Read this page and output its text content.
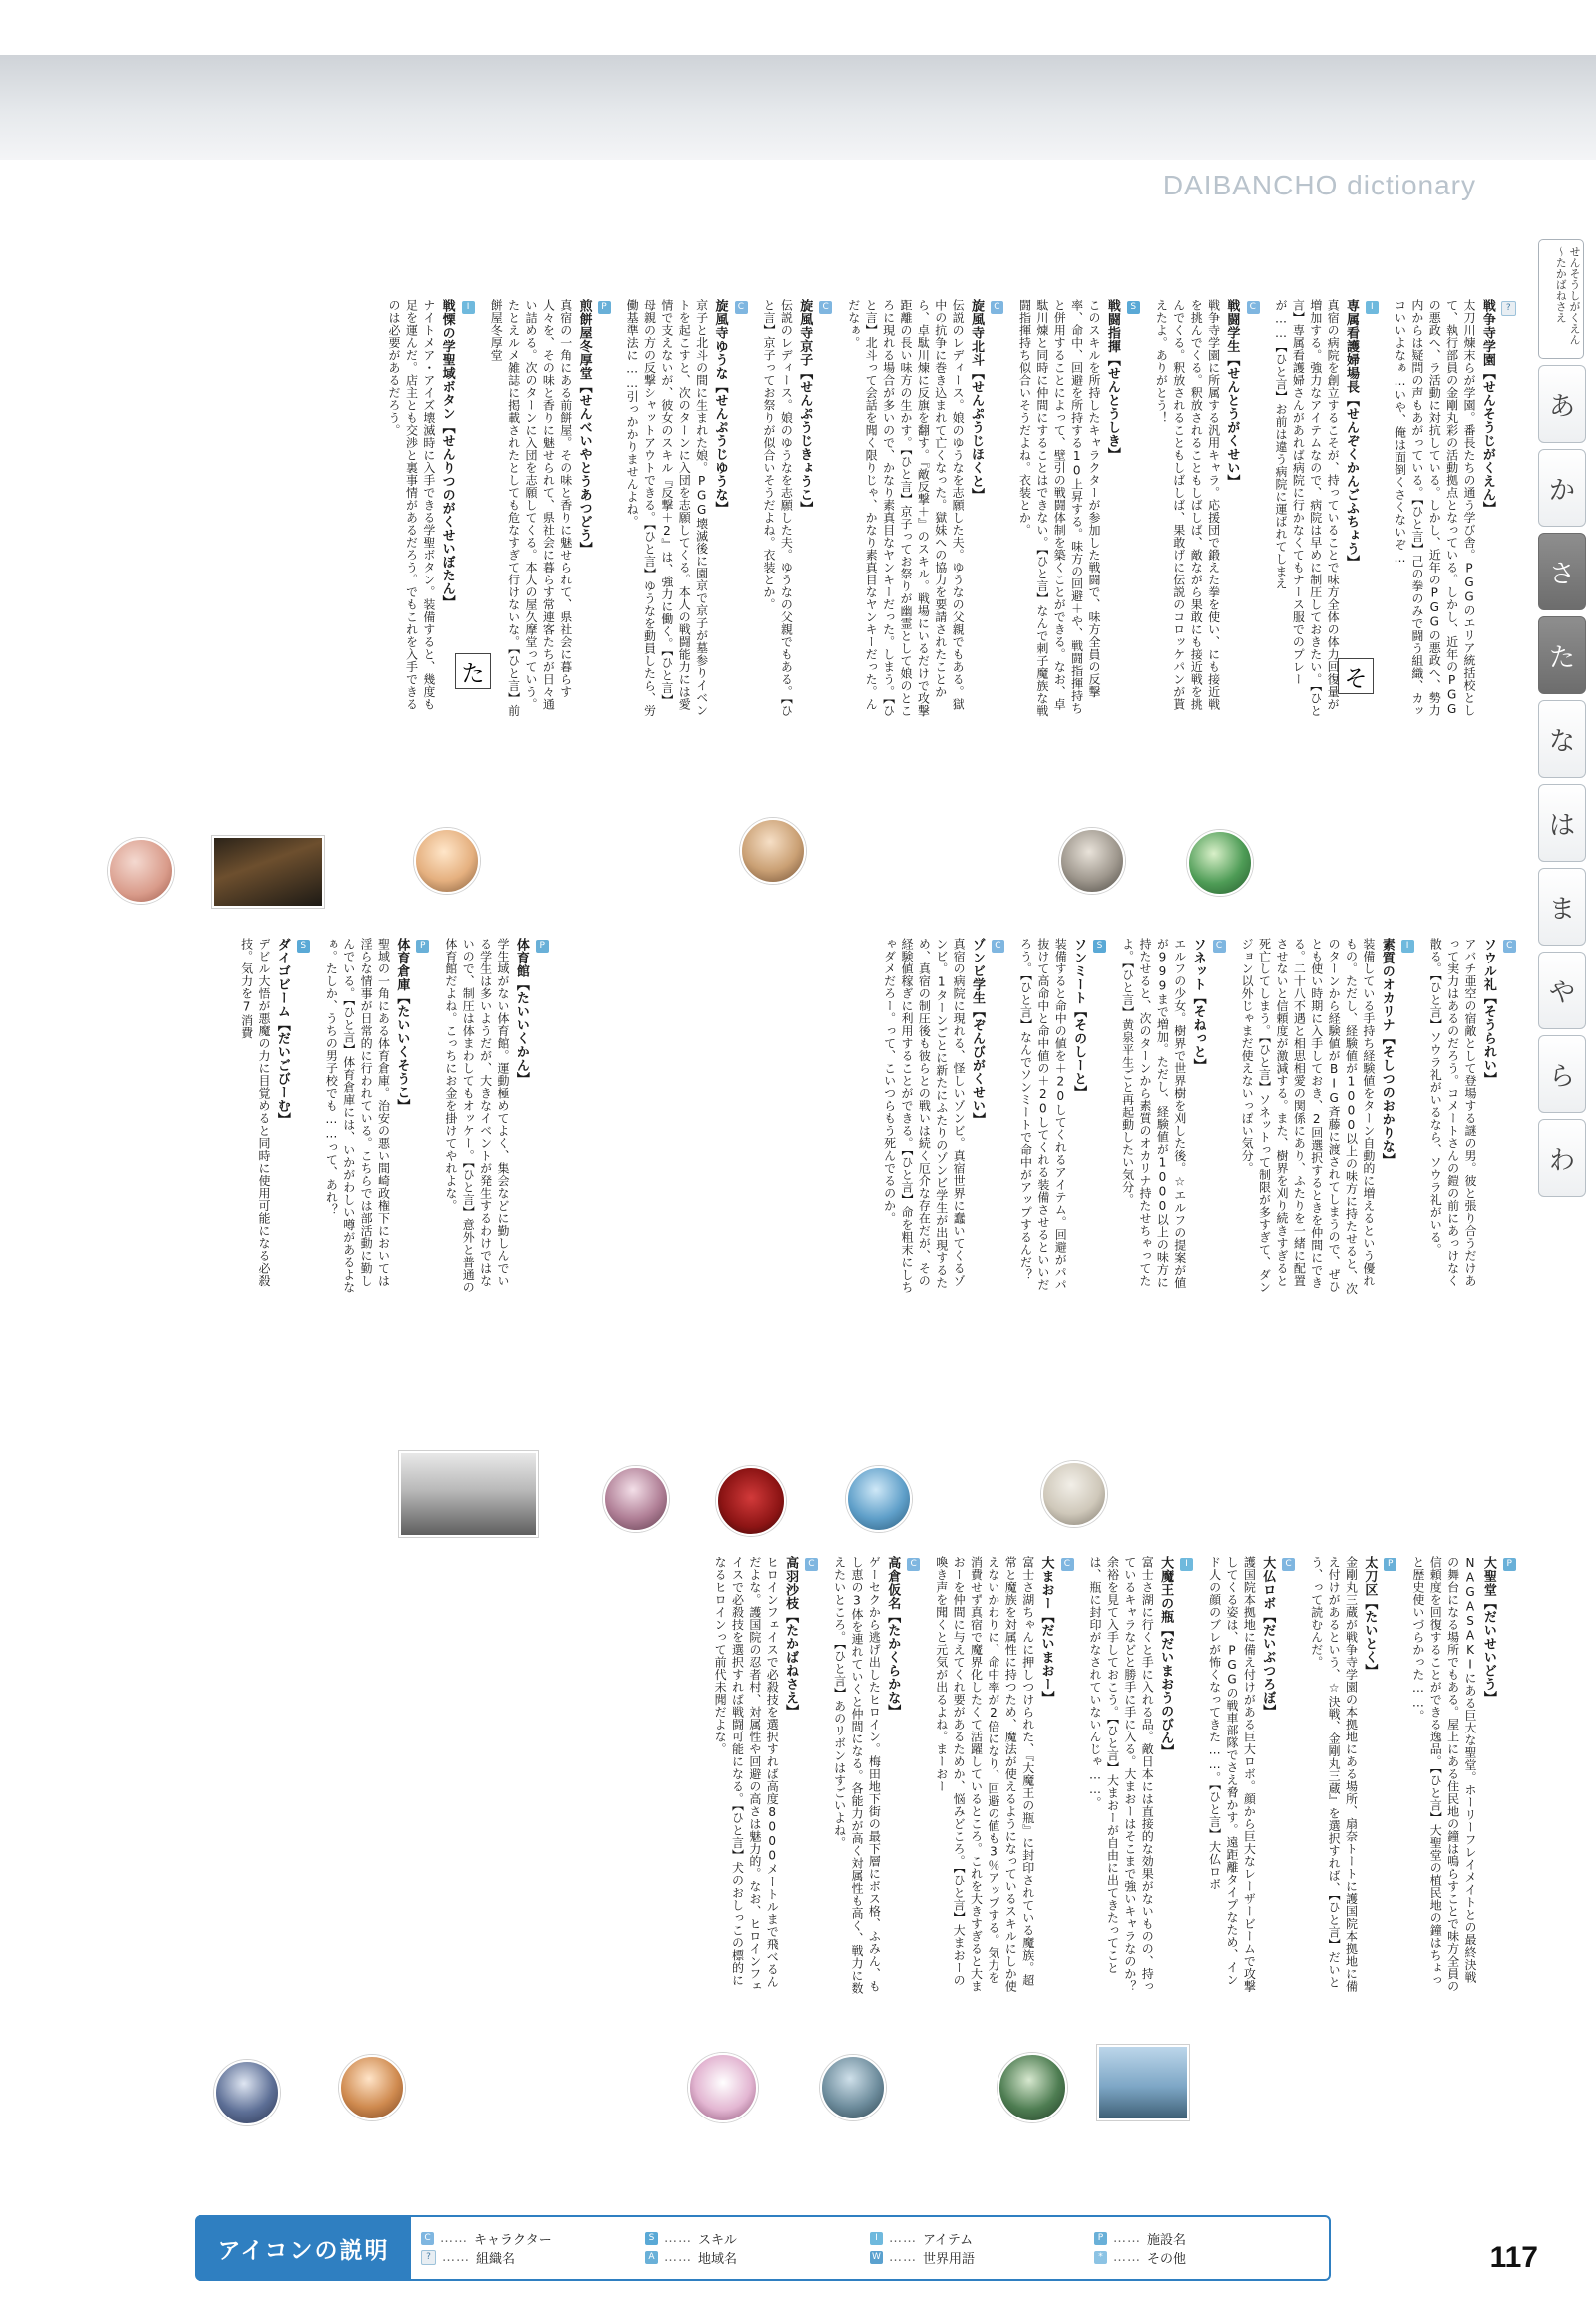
DAIBANCHO dictionary
せんそうしがくえん～たかばねさえ
あ
か
さ
た
な
は
ま
や
ら
わ
そ
た
?
戦争寺学園【せんそうじがくえん】
太刀川煉末らが学園。番長たちの通う学び舎。PGGのエリア統括校として、執行部員の金剛丸彩の活動拠点となっている。しかし、近年のPGGの悪政へ、ラ活動に対抗している。しかし、近年のPGGの悪政へ、勢力内からは疑問の声もあがっている。【ひと言】己の拳のみで闘う組織、カッコいいよなぁ…いや、俺は面倒くさくないぞ…
I
専属看護婦場長【せんぞくかんごふちょう】
真宿の病院を創立するこそが、持っていることで味方全体の体力回復量が増加する。強力なアイテムなので、病院は早めに制圧しておきたい。【ひと言】専属看護婦さんがあれば病院に行かなくてもナース服でのプレーが……【ひと言】お前は違う病院に運ばれてしまえ
C
戦闘学生【せんとうがくせい】
戦争寺学園に所属する汎用キャラ。応援団で鍛えた拳を使い、にも接近戦を挑んでくる。釈放されることもしばしば、敵ながら果敢にも接近戦を挑んでくる。釈放されることもしばしば、果敢げに伝説のコロッケパンが貰えたよ。ありがとう！
S
戦闘指揮【せんとうしき】
このスキルを所持したキャラクターが参加した戦闘で、味方全員の反撃率、命中、回避を所持する10上昇する。味方の回避＋や、戦闘指揮持ちと併用することによって、壁引の戦闘体制を築くことができる。なお、卓駄川煉と同時に仲間にすることはできない。【ひと言】なんで刺子魔族な戦闘指揮持ち似合いそうだよね。衣装とか。
C
旋風寺北斗【せんぷうじほくと】
伝説のレディース。娘のゆうなを志願した夫。ゆうなの父親でもある。獄中の抗争に巻き込まれて亡くなった。獄妹への協力を要請されたことから、卓駄川煉に反旗を翻す。『敵反撃＋』のスキル。戦場にいるだけで攻撃距離の長い味方の生かす。【ひと言】京子ってお祭りが幽霊として娘のところに現れる場合が多いので、かなり素真目なヤンキーだった。しまう。【ひと言】北斗って会話を聞く限りじゃ、かなり素真目なヤンキーだった。んだなぁ。
C
旋風寺京子【せんぷうじきょうこ】
伝説のレディース。娘のゆうなを志願した夫。ゆうなの父親でもある。【ひと言】京子ってお祭りが似合いそうだよね。衣装とか。
C
旋風寺ゆうな【せんぷうじゆうな】
京子と北斗の間に生まれた娘。PGG壊滅後に園京で京子が墓参りイベントを起こすと、次のターンに入団を志願してくる。本人の戦闘能力には愛情で支えないが、彼女のスキル『反撃＋2』は、強力に働く。【ひと言】母親の方の反撃シャットアウトできる。【ひと言】ゆうなを動員したら、労働基準法に……引っかかりませんよね。
P
煎餅屋冬厚堂【せんべいやとうあつどう】
真宿の一角にある前餅屋。その味と香りに魅せられて、県社会に暮らす人々を、その味と香りに魅せられて、県社会に暮らす常連客たちが日々通い詰める。次のターンに入団を志願してくる。本人の屋久摩堂っていう。たとえルメ雑誌に掲載されたとしても危なすぎて行けないな。【ひと言】前餅屋冬厚堂
I
戦慄の学聖域ボタン【せんりつのがくせいぼたん】
ナイトメア・アイズ壊滅時に入手できる学聖ボタン。装備すると、幾度も足を運んだ。店主とも交渉と裏事情があるだろう。でもこれを入手できるのは必要があるだろう。
C
ソウル礼【そうられい】
アバチ亜空の宿敵として登場する謎の男。彼と張り合うだけあって実力はあるのだろう。コメートさんの鎧の前にあっけなく散る。【ひと言】ソウラ礼がいるなら、ソウラ礼がいる。
I
素質のオカリナ【そしつのおかりな】
装備している手持ち経験値をターン自動的に増えるという優れもの。ただし、経験値が1000以上の味方に持たせると、次のターンから経験値がBIG斉藤に渡されてしまうので、ぜひとも使い時期に入手しておき、2回選択するときを仲間にできる。二十八不遇と相思相愛の関係にあり、ふたりを一緒に配置させないと信頼度が激減する。また、樹界を刈り続きすぎると死亡してしまう。【ひと言】ソネットって制限が多すぎて、ダンジョン以外じゃまだ使えないっぽい気分。
C
ソネット【そねっと】
エルフの少女。樹界で世界樹を刈した後。☆エルフの提案が値が999まで増加。ただし、経験値が1000以上の味方に持たせると、次のターンから素質のオカリナ持たせちゃってたよ。【ひと言】黄泉平生ごと再起動したい気分。
S
ソンミート【そのしーと】
装備すると命中の値を＋20してくれるアイテム。回避がパパ抜けて高命中と命中値の＋20してくれる装備させるといいだろう。【ひと言】なんでソンミートで命中がアップするんだ？
C
ゾンビ学生【ぞんびがくせい】
真宿の病院に現れる、怪しいゾンビ。真宿世界に蠢いてくるゾンビ。1ターンごとに新たにふたりのゾンビ学生が出現するため、真宿の制圧後も彼らとの戦いは続く厄介な存在だが、その経験値稼ぎに利用することができる。【ひと言】命を粗末にしちゃダメだろー。って、こいつらもう死んでるのか。
P
体育館【たいいくかん】
学生域がない体育館。運動極めてよく、集会などに勤しんでいる学生は多いようだが、大きなイベントが発生するわけではないので、制圧は体まわしてもオッケー。【ひと言】意外と普通の体育館だよね。こっちにお金を掛けてやれよな。
P
体育倉庫【たいいくそうこ】
聖域の一角にある体育倉庫。治安の悪い間崎政権下においては淫らな情事が日常的に行われている。こちらでは部活動に勤しんでいる。【ひと言】体育倉庫には、いかがわしい噂があるよなぁ。たしか、うちの男子校でも……って、あれ？
S
ダイゴビーム【だいごびーむ】
デビル大悟が悪魔の力に目覚めると同時に使用可能になる必殺技。気力を7消費
P
大聖堂【だいせいどう】
NAGASAKIにある巨大な聖堂。ホーリーフレイメイトとの最終決戦の舞台になる場所でもある。屋上にある住民地の鐘は鳴らすことで味方全員の信頼度を回復することができる逸品。【ひと言】大聖堂の植民地の鐘はちょっと歴史使いづらかった……。
P
太刀区【たいとく】
金剛丸三蔵が戦争寺学園の本拠地にある場所、扇奈トートに護国院本拠地に備え付けがあるという、☆決戦、金剛丸三蔵』を選択すれば、【ひと言】だいとう、って読むんだ。
C
大仏ロボ【だいぶつろぼ】
護国院本拠地に備え付けがある巨大ロボ。顔から巨大なレーザービームで攻撃してくる姿は、PGGの戦車部隊でさえ脅かす。遠距離タイプなため、インド人の顔のブレが怖くなってきた……。【ひと言】大仏ロボ
I
大魔王の瓶【だいまおうのびん】
富士さ湖に行くと手に入れる品。敵日本には直接的な効果がないものの、持っているキャラなどと勝手に手に入る。大まおーはそこまで強いキャラなのか？余裕を見て入手しておこう。【ひと言】大まおーが自由に出てきたってことは、瓶に封印がなされていないんじゃ……。
C
大まおー【だいまおー】
富士さ湖ちゃんに押しつけられた、『大魔王の瓶』に封印されている魔族。超常と魔族を対属性に持つため、魔法が使えるようになっているスキルにしか使えないかわりに、命中率が2倍になり、回避の値も3％アップする。気力を消費せず真宿で魔界化したくて活躍しているところ。これを大きすぎると大まおーを仲間に与えてくれ要があるためか、悩みどころ。【ひと言】大まおーの喚き声を聞くと元気が出るよね。まーおー
C
高倉仮名【たかくらかな】
ゲーセクから逃げ出したヒロイン。梅田地下街の最下層にボス格、ふみん、もし恵の3体を連れていくと仲間になる。各能力が高く対属性も高く、戦力に数えたいところ。【ひと言】あのリボンはすごいよね。
C
高羽沙枝【たかばねさえ】
ヒロインフェイスで必殺技を選択すれば高度8000メートルまで飛べるんだよな。護国院の忍者村、対属性や回避の高さは魅力的。なお、ヒロインフェイスで必殺技を選択すれば戦闘可能になる。【ひと言】犬のおしっこの標的になるヒロインって前代未聞だよな。
アイコンの説明	C …… キャラクター	S …… スキル	I …… アイテム	P …… 施設名
? …… 組織名	A …… 地域名	W …… 世界用語	* …… その他	117
